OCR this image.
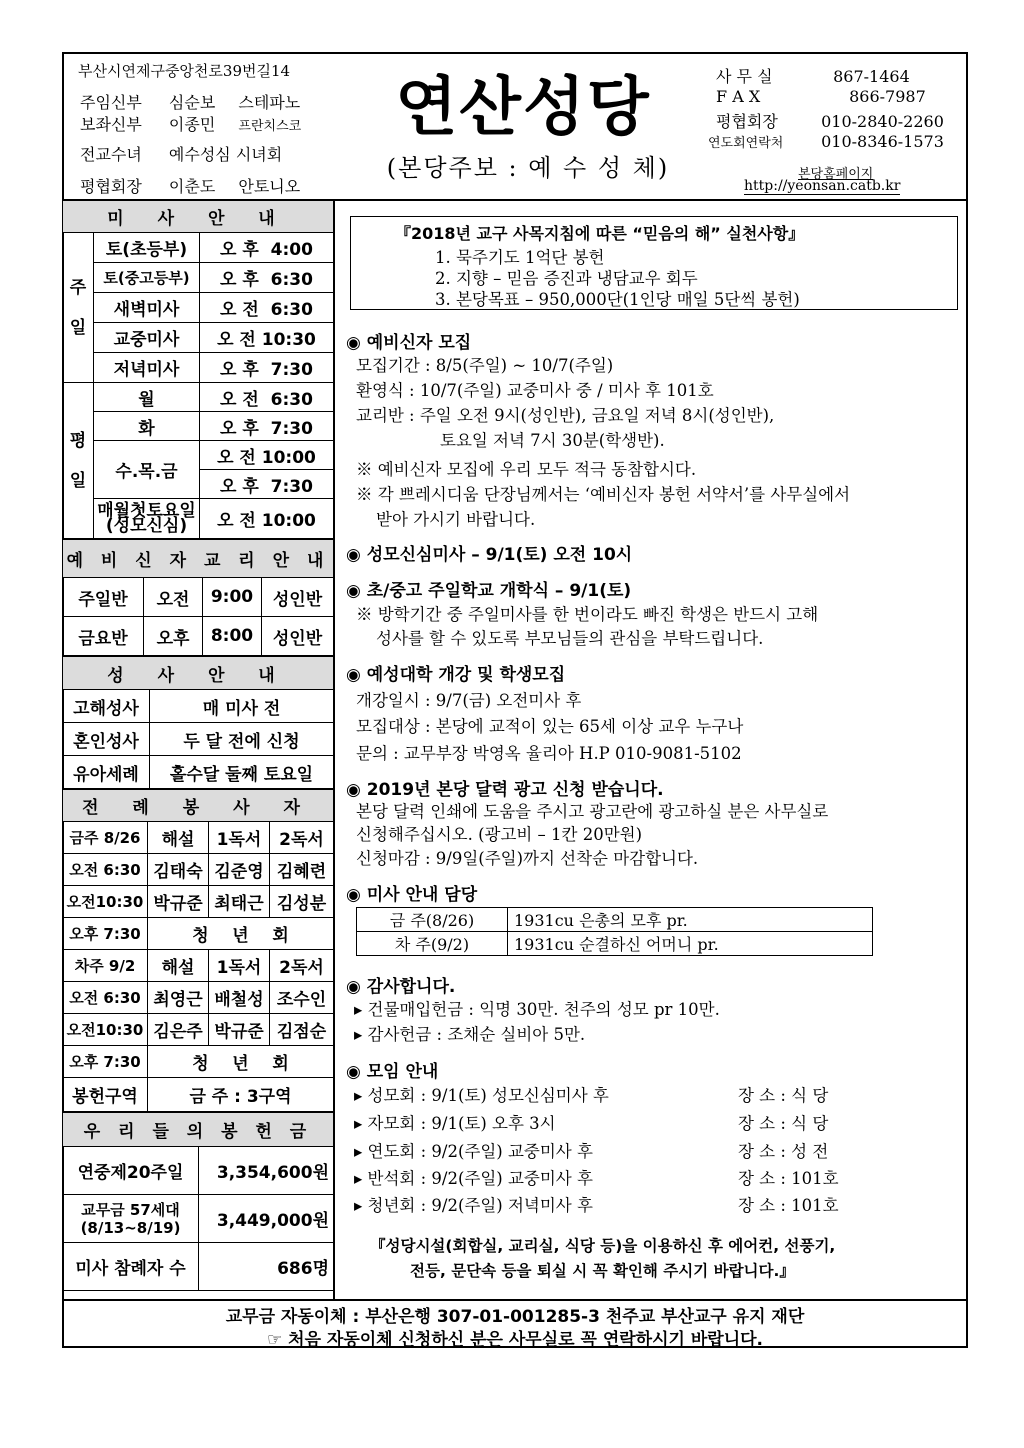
부산시연제구중앙천로39번길14
주임신부 심순보 스테파노
보좌신부 이종민 프란치스코
전교수녀 예수성심 시녀회
평협회장 이춘도 안토니오
연산성당
(본당주보 : 예 수 성 체)
사 무 실	867-1464
F A X	866-7987
평협회장	010-2840-2260
연도회연락처 010-8346-1573
본당홈페이지
http://yeonsan.catb.kr
미 사 안 내		
주
일	토(초등부)	오 후  4:00
	토(중고등부)	오 후  6:30
	새벽미사	오 전  6:30
	교중미사	오 전 10:30
	저녁미사	오 후  7:30
평
일	월	오 전  6:30
	화	오 후  7:30
	수.목.금	오 전 10:00
		오 후  7:30
	매월첫토요일
(성모신심)	오 전 10:00
예 비 신 자 교 리 안 내			
주일반	오전	9:00	성인반
금요반	오후	8:00	성인반
성 사 안 내	
고해성사	매 미사 전
혼인성사	두 달 전에 신청
유아세례	홀수달 둘째 토요일
전 례 봉 사 자			
금주 8/26	해설	1독서	2독서
오전 6:30	김태숙	김준영	김혜련
오전10:30	박규준	최태근	김성분
오후 7:30	청    년    회		
차주 9/2	해설	1독서	2독서
오전 6:30	최영근	배철성	조수인
오전10:30	김은주	박규준	김점순
오후 7:30	청    년    회		
봉헌구역	금 주 : 3구역		
우 리 들 의 봉 헌 금	
연중제20주일	3,354,600원
교무금 57세대
(8/13~8/19)	3,449,000원
미사 참례자 수	686명
『2018년 교구 사목지침에 따른 “믿음의 해” 실천사항』
1. 묵주기도 1억단 봉헌
2. 지향 – 믿음 증진과 냉담교우 회두
3. 본당목표 – 950,000단(1인당 매일 5단씩 봉헌)
◉ 예비신자 모집
모집기간 : 8/5(주일) ~ 10/7(주일)
환영식 : 10/7(주일) 교중미사 중 / 미사 후 101호
교리반 : 주일 오전 9시(성인반), 금요일 저녁 8시(성인반),
토요일 저녁 7시 30분(학생반).
※ 예비신자 모집에 우리 모두 적극 동참합시다.
※ 각 쁘레시디움 단장님께서는 ‘예비신자 봉헌 서약서’를 사무실에서
받아 가시기 바랍니다.
◉ 성모신심미사 – 9/1(토) 오전 10시
◉ 초/중고 주일학교 개학식 – 9/1(토)
※ 방학기간 중 주일미사를 한 번이라도 빠진 학생은 반드시 고해
성사를 할 수 있도록 부모님들의 관심을 부탁드립니다.
◉ 예성대학 개강 및 학생모집
개강일시 : 9/7(금) 오전미사 후
모집대상 : 본당에 교적이 있는 65세 이상 교우 누구나
문의 : 교무부장 박영옥 율리아 H.P 010-9081-5102
◉ 2019년 본당 달력 광고 신청 받습니다.
본당 달력 인쇄에 도움을 주시고 광고란에 광고하실 분은 사무실로
신청해주십시오. (광고비 – 1칸 20만원)
신청마감 : 9/9일(주일)까지 선착순 마감합니다.
◉ 미사 안내 담당
금 주(8/26)	1931cu 은총의 모후 pr.
차 주(9/2)	1931cu 순결하신 어머니 pr.
◉ 감사합니다.
▸ 건물매입헌금 : 익명 30만. 천주의 성모 pr 10만.
▸ 감사헌금 : 조채순 실비아 5만.
◉ 모임 안내
▸ 성모회 : 9/1(토) 성모신심미사 후	장 소 : 식 당
▸ 자모회 : 9/1(토) 오후 3시	장 소 : 식 당
▸ 연도회 : 9/2(주일) 교중미사 후	장 소 : 성 전
▸ 반석회 : 9/2(주일) 교중미사 후	장 소 : 101호
▸ 청년회 : 9/2(주일) 저녁미사 후	장 소 : 101호
『성당시설(회합실, 교리실, 식당 등)을 이용하신 후 에어컨, 선풍기,
전등, 문단속 등을 퇴실 시 꼭 확인해 주시기 바랍니다.』
교무금 자동이체 : 부산은행 307-01-001285-3 천주교 부산교구 유지 재단
☞ 처음 자동이체 신청하신 분은 사무실로 꼭 연락하시기 바랍니다.
